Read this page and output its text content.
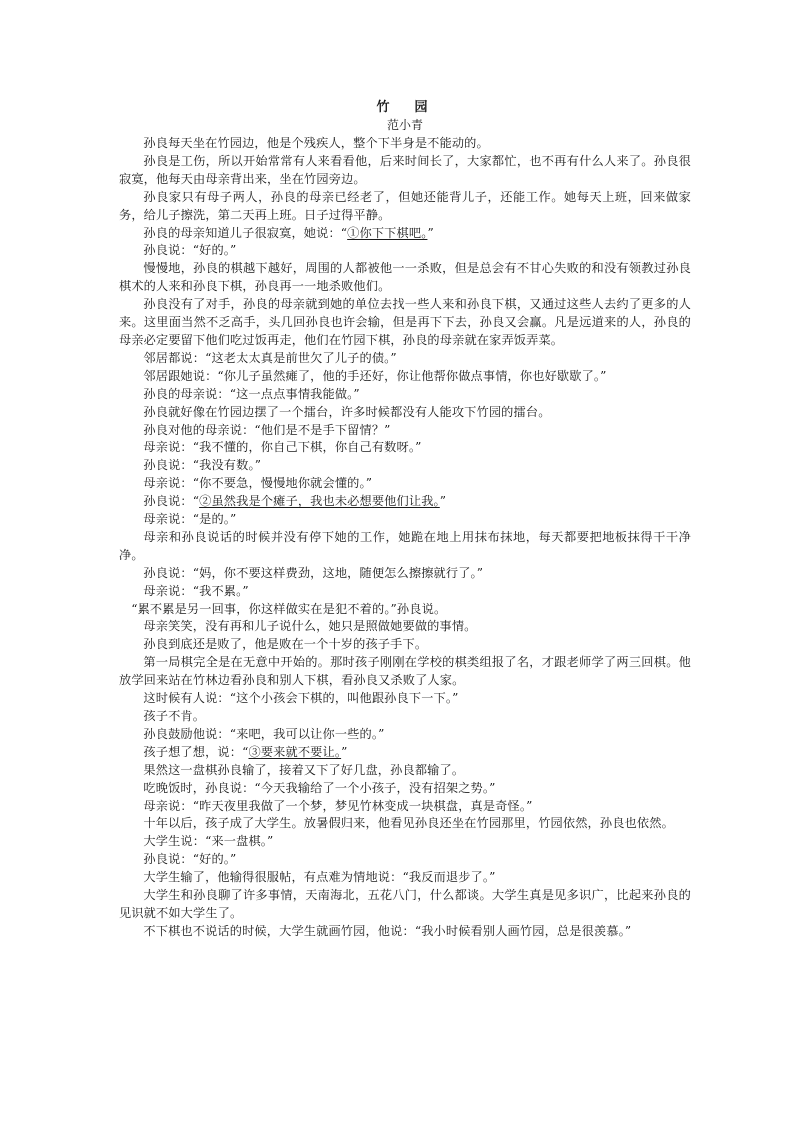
竹　园
范小青

孙良每天坐在竹园边，他是个残疾人，整个下半身是不能动的。

孙良是工伤，所以开始常常有人来看看他，后来时间长了，大家都忙，也不再有什么人来了。孙良很寂寞，他每天由母亲背出来，坐在竹园旁边。

孙良家只有母子两人，孙良的母亲已经老了，但她还能背儿子，还能工作。她每天上班，回来做家务，给儿子擦洗，第二天再上班。日子过得平静。

孙良的母亲知道儿子很寂寞，她说：“①你下下棋吧。”

孙良说：“好的。”

慢慢地，孙良的棋越下越好，周围的人都被他一一杀败，但是总会有不甘心失败的和没有领教过孙良棋术的人来和孙良下棋，孙良再一一地杀败他们。

孙良没有了对手，孙良的母亲就到她的单位去找一些人来和孙良下棋，又通过这些人去约了更多的人来。这里面当然不乏高手，头几回孙良也许会输，但是再下下去，孙良又会赢。凡是远道来的人，孙良的母亲必定要留下他们吃过饭再走，他们在竹园下棋，孙良的母亲就在家弄饭弄菜。

邻居都说：“这老太太真是前世欠了儿子的债。”

邻居跟她说：“你儿子虽然瘫了，他的手还好，你让他帮你做点事情，你也好歇歇了。”

孙良的母亲说：“这一点点事情我能做。”

孙良就好像在竹园边摆了一个擂台，许多时候都没有人能攻下竹园的擂台。

孙良对他的母亲说：“他们是不是手下留情？”

母亲说：“我不懂的，你自己下棋，你自己有数呀。”

孙良说：“我没有数。”

母亲说：“你不要急，慢慢地你就会懂的。”

孙良说：“②虽然我是个瘫子，我也未必想要他们让我。”

母亲说：“是的。”

母亲和孙良说话的时候并没有停下她的工作，她跪在地上用抹布抹地，每天都要把地板抹得干干净净。

孙良说：“妈，你不要这样费劲，这地，随便怎么擦擦就行了。”

母亲说：“我不累。”

“累不累是另一回事，你这样做实在是犯不着的。”孙良说。

母亲笑笑，没有再和儿子说什么，她只是照做她要做的事情。

孙良到底还是败了，他是败在一个十岁的孩子手下。

第一局棋完全是在无意中开始的。那时孩子刚刚在学校的棋类组报了名，才跟老师学了两三回棋。他放学回来站在竹林边看孙良和别人下棋，看孙良又杀败了人家。

这时候有人说：“这个小孩会下棋的，叫他跟孙良下一下。”

孩子不肯。

孙良鼓励他说：“来吧，我可以让你一些的。”

孩子想了想，说：“③要来就不要让。”

果然这一盘棋孙良输了，接着又下了好几盘，孙良都输了。

吃晚饭时，孙良说：“今天我输给了一个小孩子，没有招架之势。”

母亲说：“昨天夜里我做了一个梦，梦见竹林变成一块棋盘，真是奇怪。”

十年以后，孩子成了大学生。放暑假归来，他看见孙良还坐在竹园那里，竹园依然，孙良也依然。

大学生说：“来一盘棋。”

孙良说：“好的。”

大学生输了，他输得很服帖，有点难为情地说：“我反而退步了。”

大学生和孙良聊了许多事情，天南海北，五花八门，什么都谈。大学生真是见多识广，比起来孙良的见识就不如大学生了。

不下棋也不说话的时候，大学生就画竹园，他说：“我小时候看别人画竹园，总是很羡慕。”
